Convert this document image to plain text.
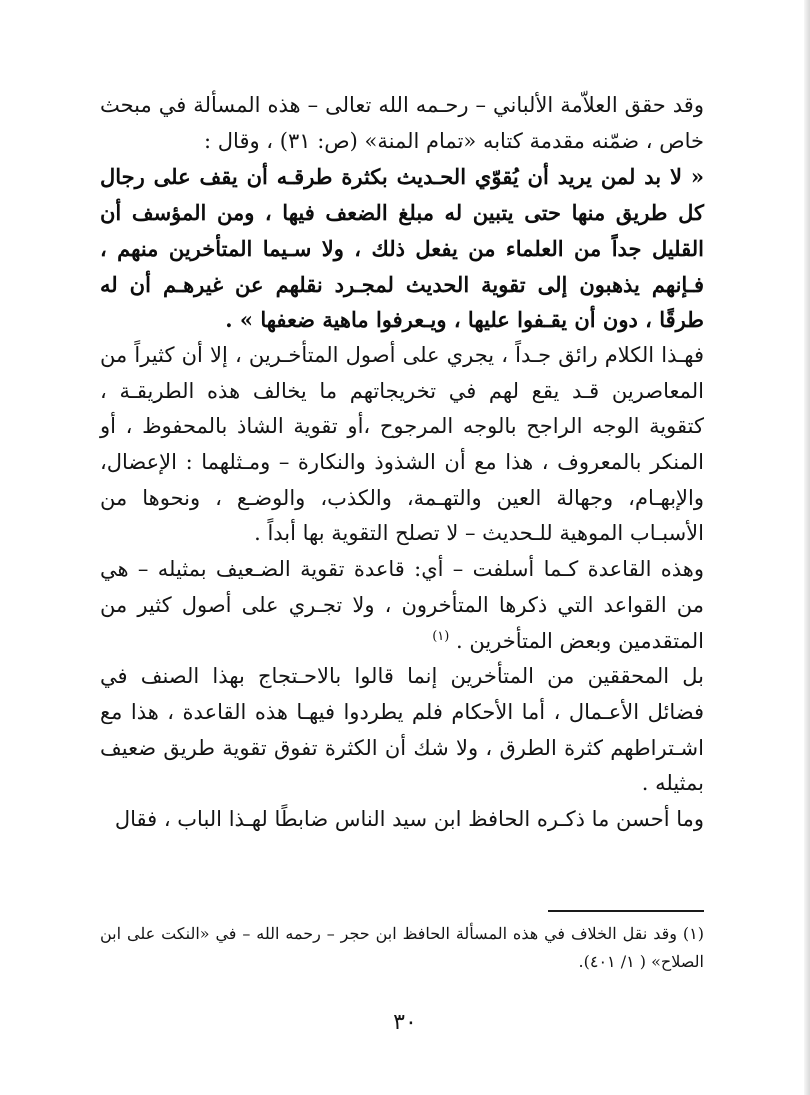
وقد حقق العلاّمة الألباني – رحـمه الله تعالى – هذه المسألة في مبحث خاص ، ضمّنه مقدمة كتابه «تمام المنة» (ص: ٣١) ، وقال :

« لا بد لمن يريد أن يُقوّي الحـديث بكثرة طرقـه أن يقف على رجال كل طريق منها حتى يتبين له مبلغ الضعف فيها ، ومن المؤسف أن القليل جداً من العلماء من يفعل ذلك ، ولا سـيما المتأخرين منهم ، فـإنهم يذهبون إلى تقوية الحديث لمجـرد نقلهم عن غيرهـم أن له طرقًا ، دون أن يقـفوا عليها ، ويـعرفوا ماهية ضعفها » .

فهـذا الكلام رائق جـداً ، يجري على أصول المتأخـرين ، إلا أن كثيراً من المعاصرين قـد يقع لهم في تخريجاتهم ما يخالف هذه الطريقـة ، كتقوية الوجه الراجح بالوجه المرجوح ،أو تقوية الشاذ بالمحفوظ ، أو المنكر بالمعروف ، هذا مع أن الشذوذ والنكارة – ومـثلهما : الإعضال، والإبهـام، وجهالة العين والتهـمة، والكذب، والوضـع ، ونحوها من الأسبـاب الموهية للـحديث – لا تصلح التقوية بها أبداً .

وهذه القاعدة كـما أسلفت – أي: قاعدة تقوية الضـعيف بمثيله – هي من القواعد التي ذكرها المتأخرون ، ولا تجـري على أصول كثير من المتقدمين وبعض المتأخرين . $^{(١)}$

بل المحققين من المتأخرين إنما قالوا بالاحـتجاج بهذا الصنف في فضائل الأعـمال ، أما الأحكام فلم يطردوا فيهـا هذه القاعدة ، هذا مع اشـتراطهم كثرة الطرق ، ولا شك أن الكثرة تفوق تقوية طريق ضعيف بمثيله .

وما أحسن ما ذكـره الحافظ ابن سيد الناس ضابطًا لهـذا الباب ، فقال

(١) وقد نقل الخلاف في هذه المسألة الحافظ ابن حجر – رحمه الله – في «النكت على ابن الصلاح» ( ١/ ٤٠١).
٣٠
